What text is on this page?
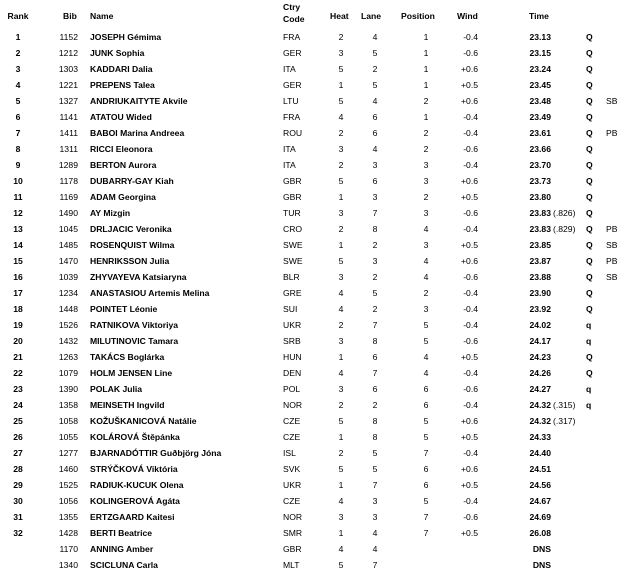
Rank	Bib Name
Ctry
Code	Heat Lane Position	Wind	Time
1	1152 JOSEPH Gémima	FRA	2	4	1	-0.4	23.13	Q
2	1212 JUNK Sophia	GER	3	5	1	-0.6	23.15	Q
3	1303 KADDARI Dalia	ITA	5	2	1	+0.6	23.24	Q
4	1221 PREPENS Talea	GER	1	5	1	+0.5	23.45	Q
5	1327 ANDRIUKAITYTE Akvile	LTU	5	4	2	+0.6	23.48	Q SB
6	1141 ATATOU Wided	FRA	4	6	1	-0.4	23.49	Q
7	1411 BABOI Marina Andreea	ROU	2	6	2	-0.4	23.61	Q PB
8	1311 RICCI Eleonora	ITA	3	4	2	-0.6	23.66	Q
9	1289 BERTON Aurora	ITA	2	3	3	-0.4	23.70	Q
10	1178 DUBARRY-GAY Kiah	GBR	5	6	3	+0.6	23.73	Q
11	1169 ADAM Georgina	GBR	1	3	2	+0.5	23.80	Q
12	1490 AY Mizgin	TUR	3	7	3	-0.6	23.83 (.826) Q
13	1045 DRLJACIC Veronika	CRO	2	8	4	-0.4	23.83 (.829) Q PB
14	1485 ROSENQUIST Wilma	SWE	1	2	3	+0.5	23.85	Q SB
15	1470 HENRIKSSON Julia	SWE	5	3	4	+0.6	23.87	Q PB
16	1039 ZHYVAYEVA Katsiaryna	BLR	3	2	4	-0.6	23.88	Q SB
17	1234 ANASTASIOU Artemis Melina	GRE	4	5	2	-0.4	23.90	Q
18	1448 POINTET Léonie	SUI	4	2	3	-0.4	23.92	Q
19	1526 RATNIKOVA Viktoriya	UKR	2	7	5	-0.4	24.02	q
20	1432 MILUTINOVIC Tamara	SRB	3	8	5	-0.6	24.17	q
21	1263 TAKÁCS Boglárka	HUN	1	6	4	+0.5	24.23	Q
22	1079 HOLM JENSEN Line	DEN	4	7	4	-0.4	24.26	Q
23	1390 POLAK Julia	POL	3	6	6	-0.6	24.27	q
24	1358 MEINSETH Ingvild	NOR	2	2	6	-0.4	24.32 (.315) q
25	1058 KOŽUŠKANICOVÁ Natálie	CZE	5	8	5	+0.6	24.32 (.317)
26	1055 KOLÁROVÁ Štěpánka	CZE	1	8	5	+0.5	24.33
27	1277 BJARNADÓTTIR Guðbjörg Jóna	ISL	2	5	7	-0.4	24.40
28	1460 STRÝČKOVÁ Viktória	SVK	5	5	6	+0.6	24.51
29	1525 RADIUK-KUCUK Olena	UKR	1	7	6	+0.5	24.56
30	1056 KOLINGEROVÁ Agáta	CZE	4	3	5	-0.4	24.67
31	1355 ERTZGAARD Kaitesi	NOR	3	3	7	-0.6	24.69
32	1428 BERTI Beatrice	SMR	1	4	7	+0.5	26.08
1170 ANNING Amber	GBR	4	4	DNS
1340 SCICLUNA Carla	MLT	5	7	DNS
